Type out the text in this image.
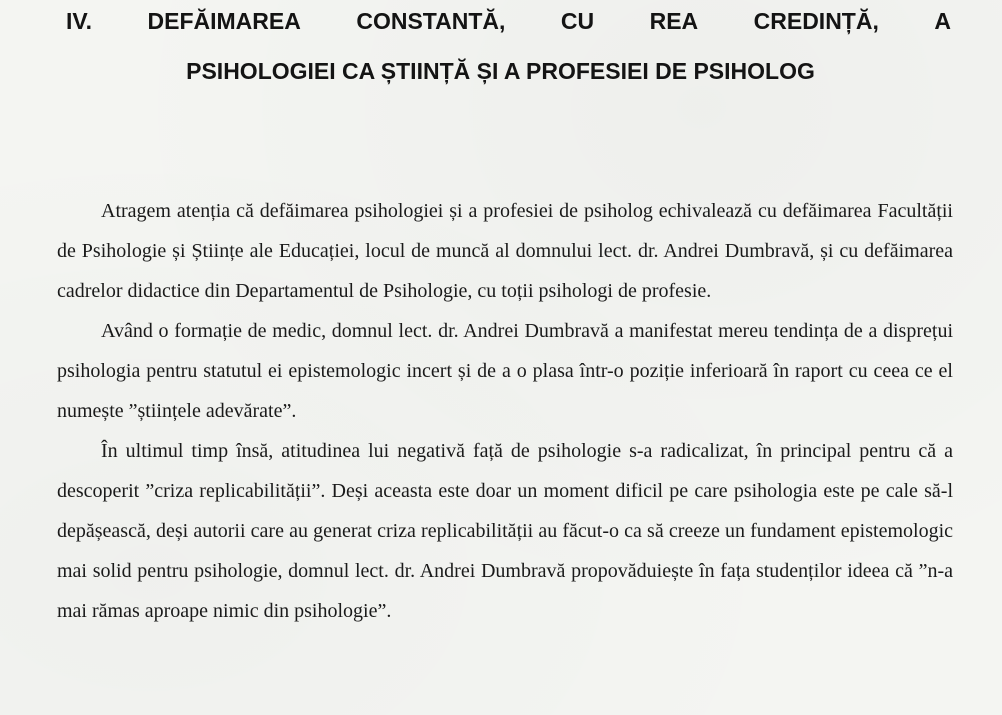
IV. DEFĂIMAREA CONSTANTĂ, CU REA CREDINȚĂ, A
PSIHOLOGIEI CA ȘTIINȚĂ ȘI A PROFESIEI DE PSIHOLOG

Atragem atenția că defăimarea psihologiei și a profesiei de psiholog echivalează cu defăimarea Facultății de Psihologie și Științe ale Educației, locul de muncă al domnului lect. dr. Andrei Dumbravă, și cu defăimarea cadrelor didactice din Departamentul de Psihologie, cu toții psihologi de profesie.

Având o formație de medic, domnul lect. dr. Andrei Dumbravă a manifestat mereu tendința de a disprețui psihologia pentru statutul ei epistemologic incert și de a o plasa într-o poziție inferioară în raport cu ceea ce el numește ”științele adevărate”.

În ultimul timp însă, atitudinea lui negativă față de psihologie s-a radicalizat, în principal pentru că a descoperit ”criza replicabilității”. Deși aceasta este doar un moment dificil pe care psihologia este pe cale să-l depășească, deși autorii care au generat criza replicabilității au făcut-o ca să creeze un fundament epistemologic mai solid pentru psihologie, domnul lect. dr. Andrei Dumbravă propovăduiește în fața studenților ideea că ”n-a mai rămas aproape nimic din psihologie”.
